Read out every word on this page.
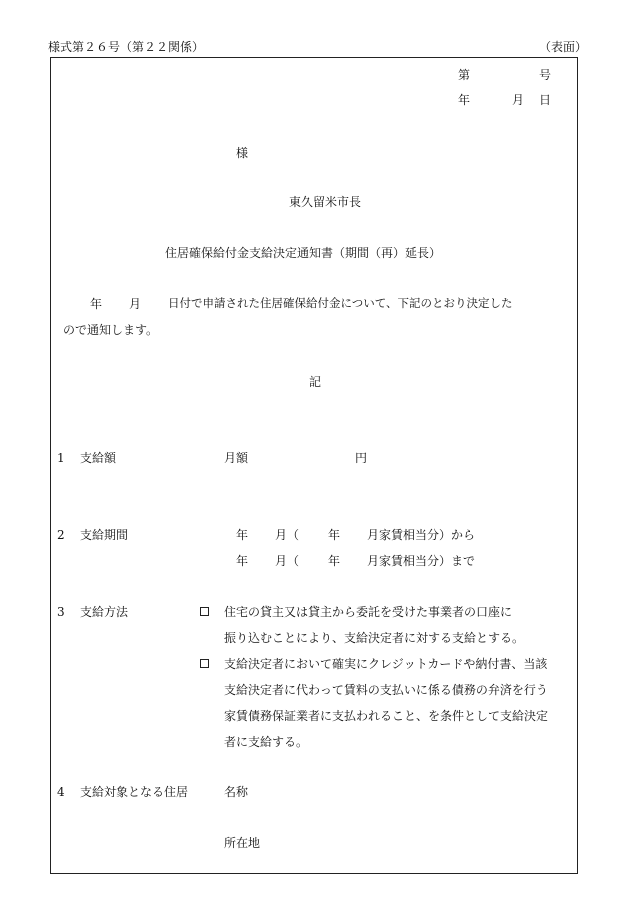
様式第２６号（第２２関係）	（表面）
第	号
年	月 日
様
東久留米市長
住居確保給付金支給決定通知書（期間（再）延長）
年 月 日付で申請された住居確保給付金について、下記のとおり決定した
ので通知します。
記
1 支給額	月額	円
2 支給期間	年 月（ 年 月家賃相当分）から
年 月（ 年 月家賃相当分）まで
3 支給方法	住宅の貸主又は貸主から委託を受けた事業者の口座に
振り込むことにより、支給決定者に対する支給とする。
支給決定者において確実にクレジットカードや納付書、当該
支給決定者に代わって賃料の支払いに係る債務の弁済を行う
家賃債務保証業者に支払われること、を条件として支給決定
者に支給する。
4 支給対象となる住居	名称
所在地
